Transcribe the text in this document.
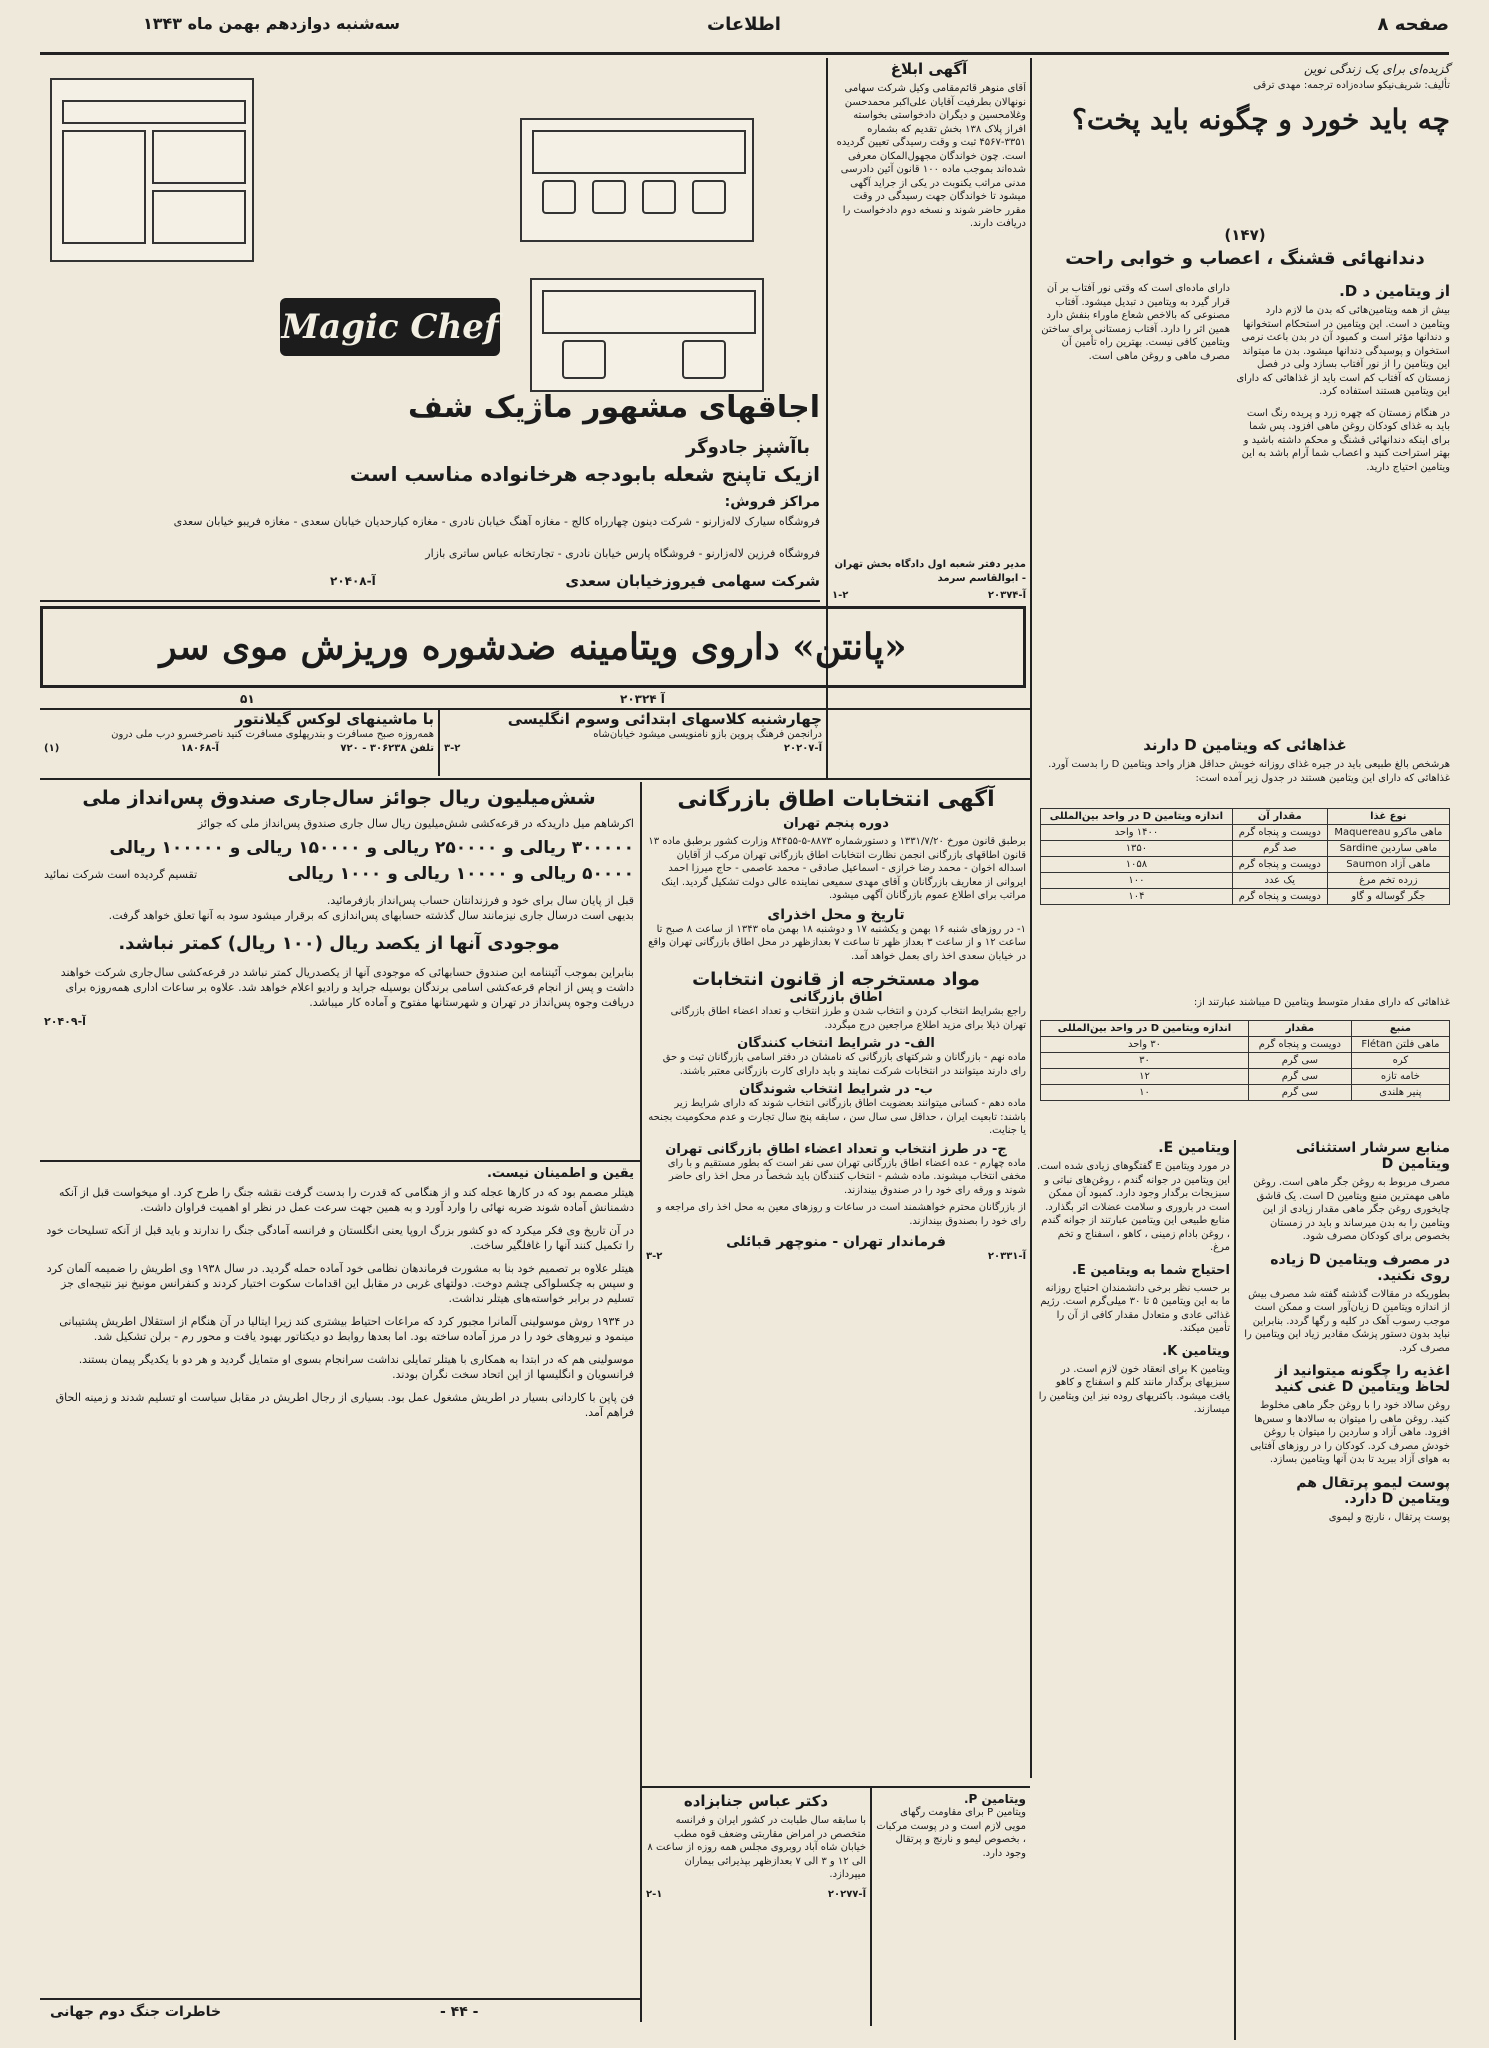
صفحه ۸
اطلاعات
سه‌شنبه دوازدهم بهمن ماه ۱۳۴۳
Magic Chef
اجاقهای مشهور ماژیک شف
باآشپز جادوگر
ازیک تاپنج شعله بابودجه هرخانواده مناسب است
مراکز فروش:
فروشگاه سیارک لاله‌زارنو - شرکت دینون چهارراه کالج - مغازه آهنگ خیابان نادری - مغازه کیارحدیان خیابان سعدی - مغازه فریبو خیابان سعدی
فروشگاه فرزین لاله‌زارنو - فروشگاه پارس خیابان نادری - تجارتخانه عباس ساتری بازار
شرکت سهامی فیروزخیابان سعدی
آ-۲۰۴۰۸
آگهی ابلاغ
آقای منوهر قائم‌مقامی وکیل شرکت سهامی نونهالان بطرفیت آقایان علی‌اکبر محمدحسن وغلامحسین و دیگران دادخواستی بخواسته افراز پلاک ۱۳۸ بخش تقدیم که بشماره ۳۳۵۱-۴۵۶۷ ثبت و وقت رسیدگی تعیین گردیده است. چون خواندگان مجهول‌المکان معرفی شده‌اند بموجب ماده ۱۰۰ قانون آئین دادرسی مدنی مراتب یکنوبت در یکی از جراید آگهی میشود تا خواندگان جهت رسیدگی در وقت مقرر حاضر شوند و نسخه دوم دادخواست را دریافت دارند.
مدیر دفتر شعبه اول دادگاه بخش تهران - ابوالقاسم سرمد
آ-۲۰۳۷۴
۱-۲
«پانتن» داروی ویتامینه ضدشوره وریزش موی سر
۵۱	آ ۲۰۳۲۴
با ماشینهای لوکس گیلانتور
همه‌روزه صبح مسافرت و بندرپهلوی مسافرت کنید ناصرخسرو درب ملی درون
تلفن ۳۰۶۲۳۸ - ۷۲۰
آ-۱۸۰۶۸
(۱)
چهارشنبه کلاسهای ابتدائی وسوم انگلیسی
درانجمن فرهنگ پروین بازو نامنویسی میشود خیابان‌شاه
آ-۲۰۲۰۷
۳-۲
شش‌میلیون ریال جوائز سال‌جاری صندوق پس‌انداز ملی
اکرشاهم میل داریدکه در قرعه‌کشی شش‌میلیون ریال سال جاری صندوق پس‌انداز ملی که جوائز
۳۰۰۰۰۰ ریالی و ۲۵۰۰۰۰ ریالی و ۱۵۰۰۰۰ ریالی و ۱۰۰۰۰۰ ریالی
۵۰۰۰۰ ریالی و ۱۰۰۰۰ ریالی و ۱۰۰۰ ریالی
تقسیم گردیده است شرکت نمائید
قبل از پایان سال برای خود و فرزندانتان حساب پس‌انداز بازفرمائید.
بدیهی است درسال جاری نیزمانند سال گذشته حسابهای پس‌اندازی که برقرار میشود سود به آنها تعلق خواهد گرفت.
موجودی آنها از یکصد ریال (۱۰۰ ریال) کمتر نباشد.
بنابراین بموجب آئیننامه این صندوق حسابهائی که موجودی آنها از یکصدریال کمتر نباشد در قرعه‌کشی سال‌جاری شرکت خواهند داشت و پس از انجام قرعه‌کشی اسامی برندگان بوسیله جراید و رادیو اعلام خواهد شد. علاوه بر ساعات اداری همه‌روزه برای دریافت وجوه پس‌انداز در تهران و شهرستانها مفتوح و آماده کار میباشد.
آ-۲۰۴۰۹
یقین و اطمینان نیست.
هیتلر مصمم بود که در کارها عجله کند و از هنگامی که قدرت را بدست گرفت نقشه جنگ را طرح کرد. او میخواست قبل از آنکه دشمنانش آماده شوند ضربه نهائی را وارد آورد و به همین جهت سرعت عمل در نظر او اهمیت فراوان داشت.
در آن تاریخ وی فکر میکرد که دو کشور بزرگ اروپا یعنی انگلستان و فرانسه آمادگی جنگ را ندارند و باید قبل از آنکه تسلیحات خود را تکمیل کنند آنها را غافلگیر ساخت.
هیتلر علاوه بر تصمیم خود بنا به مشورت فرماندهان نظامی خود آماده حمله گردید. در سال ۱۹۳۸ وی اطریش را ضمیمه آلمان کرد و سپس به چکسلواکی چشم دوخت. دولتهای غربی در مقابل این اقدامات سکوت اختیار کردند و کنفرانس مونیخ نیز نتیجه‌ای جز تسلیم در برابر خواسته‌های هیتلر نداشت.
در ۱۹۳۴ روش موسولینی آلمانرا مجبور کرد که مراعات احتیاط بیشتری کند زیرا ایتالیا در آن هنگام از استقلال اطریش پشتیبانی مینمود و نیروهای خود را در مرز آماده ساخته بود. اما بعدها روابط دو دیکتاتور بهبود یافت و محور رم - برلن تشکیل شد.
موسولینی هم که در ابتدا به همکاری با هیتلر تمایلی نداشت سرانجام بسوی او متمایل گردید و هر دو با یکدیگر پیمان بستند. فرانسویان و انگلیسها از این اتحاد سخت نگران بودند.
فن پاپن با کاردانی بسیار در اطریش مشغول عمل بود. بسیاری از رجال اطریش در مقابل سیاست او تسلیم شدند و زمینه الحاق فراهم آمد.
خاطرات جنگ دوم جهانی	- ۴۴ -
آگهی انتخابات اطاق بازرگانی
دوره پنجم تهران
برطبق قانون مورخ ۱۳۳۱/۷/۲۰ و دستورشماره ۸۸۷۳-۵-۸۴۴۵۵ وزارت کشور برطبق ماده ۱۳ قانون اطاقهای بازرگانی انجمن نظارت انتخابات اطاق بازرگانی تهران مرکب از آقایان اسداله اخوان - محمد رضا خرازی - اسماعیل صادقی - محمد عاصمی - حاج میرزا احمد ایروانی از معاریف بازرگانان و آقای مهدی سمیعی نماینده عالی دولت تشکیل گردید. اینک مراتب برای اطلاع عموم بازرگانان آگهی میشود.
تاریخ و محل اخذرای
۱- در روزهای شنبه ۱۶ بهمن و یکشنبه ۱۷ و دوشنبه ۱۸ بهمن ماه ۱۳۴۳ از ساعت ۸ صبح تا ساعت ۱۲ و از ساعت ۳ بعداز ظهر تا ساعت ۷ بعدازظهر در محل اطاق بازرگانی تهران واقع در خیابان سعدی اخذ رای بعمل خواهد آمد.
مواد مستخرجه از قانون انتخابات
اطاق بازرگانی
راجع بشرایط انتخاب کردن و انتخاب شدن و طرز انتخاب و تعداد اعضاء اطاق بازرگانی تهران ذیلا برای مزید اطلاع مراجعین درج میگردد.
الف- در شرایط انتخاب کنندگان
ماده نهم - بازرگانان و شرکتهای بازرگانی که نامشان در دفتر اسامی بازرگانان ثبت و حق رای دارند میتوانند در انتخابات شرکت نمایند و باید دارای کارت بازرگانی معتبر باشند.
ب- در شرایط انتخاب شوندگان
ماده دهم - کسانی میتوانند بعضویت اطاق بازرگانی انتخاب شوند که دارای شرایط زیر باشند: تابعیت ایران ، حداقل سی سال سن ، سابقه پنج سال تجارت و عدم محکومیت بجنحه یا جنایت.
ج- در طرز انتخاب و تعداد اعضاء اطاق بازرگانی تهران
ماده چهارم - عده اعضاء اطاق بازرگانی تهران سی نفر است که بطور مستقیم و با رای مخفی انتخاب میشوند. ماده ششم - انتخاب کنندگان باید شخصاً در محل اخذ رای حاضر شوند و ورقه رای خود را در صندوق بیندازند.
از بازرگانان محترم خواهشمند است در ساعات و روزهای معین به محل اخذ رای مراجعه و رای خود را بصندوق بیندازند.
فرماندار تهران - منوچهر قبائلی
آ-۲۰۳۳۱
۳-۲
دکتر عباس جنابزاده
با سابقه سال طبابت در کشور ایران و فرانسه متخصص در امراض مقاربتی وضعف قوه مطب خیابان شاه آباد روبروی مجلس همه روزه از ساعت ۸ الی ۱۲ و ۳ الی ۷ بعدازظهر بپذیرائی بیماران میپردازد.
آ-۲۰۲۷۷
۲-۱
ویتامین P.
ویتامین P برای مقاومت رگهای مویی لازم است و در پوست مرکبات ، بخصوص لیمو و نارنج و پرتقال وجود دارد.
گزیده‌ای برای یک زندگی نوین
تألیف: شریف‌نیکو ساده‌زاده ترجمه: مهدی ترقی
چه باید خورد و چگونه باید پخت؟
(۱۴۷)
دندانهائی قشنگ ، اعصاب و خوابی راحت
از ویتامین د D.
بیش از همه ویتامین‌هائی که بدن ما لازم دارد ویتامین د است. این ویتامین در استحکام استخوانها و دندانها مؤثر است و کمبود آن در بدن باعث نرمی استخوان و پوسیدگی دندانها میشود. بدن ما میتواند این ویتامین را از نور آفتاب بسازد ولی در فصل زمستان که آفتاب کم است باید از غذاهائی که دارای این ویتامین هستند استفاده کرد.
در هنگام زمستان که چهره زرد و پریده رنگ است باید به غذای کودکان روغن ماهی افزود. پس شما برای اینکه دندانهائی قشنگ و محکم داشته باشید و بهتر استراحت کنید و اعصاب شما آرام باشد به این ویتامین احتیاج دارید.
دارای ماده‌ای است که وقتی نور آفتاب بر آن قرار گیرد به ویتامین د تبدیل میشود. آفتاب مصنوعی که بالاخص شعاع ماوراء بنفش دارد همین اثر را دارد. آفتاب زمستانی برای ساختن ویتامین کافی نیست. بهترین راه تأمین آن مصرف ماهی و روغن ماهی است.
غذاهائی که ویتامین D دارند
هرشخص بالغ طبیعی باید در جیره غذای روزانه خویش حداقل هزار واحد ویتامین D را بدست آورد. غذاهائی که دارای این ویتامین هستند در جدول زیر آمده است:
نوع غذا	مقدار آن	اندازه ویتامین D در واحد بین‌المللی
ماهی ماکرو Maquereau	دویست و پنجاه گرم	۱۴۰۰ واحد
ماهی ساردین Sardine	صد گرم	۱۳۵۰
ماهی آزاد Saumon	دویست و پنجاه گرم	۱۰۵۸
زرده تخم مرغ	یک عدد	۱۰۰
جگر گوساله و گاو	دویست و پنجاه گرم	۱۰۴
غذاهائی که دارای مقدار متوسط ویتامین D میباشند عبارتند از:
منبع	مقدار	اندازه ویتامین D در واحد بین‌المللی
ماهی فلتن Flétan	دویست و پنجاه گرم	۳۰ واحد
کره	سی گرم	۳۰
خامه تازه	سی گرم	۱۲
پنیر هلندی	سی گرم	۱۰
منابع سرشار استثنائی ویتامین D
مصرف مربوط به روغن جگر ماهی است. روغن ماهی مهمترین منبع ویتامین D است. یک قاشق چایخوری روغن جگر ماهی مقدار زیادی از این ویتامین را به بدن میرساند و باید در زمستان بخصوص برای کودکان مصرف شود.
در مصرف ویتامین D زیاده روی نکنید.
بطوریکه در مقالات گذشته گفته شد مصرف بیش از اندازه ویتامین D زیان‌آور است و ممکن است موجب رسوب آهک در کلیه و رگها گردد. بنابراین نباید بدون دستور پزشک مقادیر زیاد این ویتامین را مصرف کرد.
اغذیه را چگونه میتوانید از لحاظ ویتامین D غنی کنید
روغن سالاد خود را با روغن جگر ماهی مخلوط کنید. روغن ماهی را میتوان به سالادها و سس‌ها افزود. ماهی آزاد و ساردین را میتوان با روغن خودش مصرف کرد. کودکان را در روزهای آفتابی به هوای آزاد ببرید تا بدن آنها ویتامین بسازد.
پوست لیمو پرتقال هم ویتامین D دارد.
پوست پرتقال ، نارنج و لیموی
ویتامین E.
در مورد ویتامین E گفتگوهای زیادی شده است. این ویتامین در جوانه گندم ، روغن‌های نباتی و سبزیجات برگدار وجود دارد. کمبود آن ممکن است در باروری و سلامت عضلات اثر بگذارد. منابع طبیعی این ویتامین عبارتند از جوانه گندم ، روغن بادام زمینی ، کاهو ، اسفناج و تخم مرغ.
احتیاج شما به ویتامین E.
بر حسب نظر برخی دانشمندان احتیاج روزانه ما به این ویتامین ۵ تا ۳۰ میلی‌گرم است. رژیم غذائی عادی و متعادل مقدار کافی از آن را تأمین میکند.
ویتامین K.
ویتامین K برای انعقاد خون لازم است. در سبزیهای برگدار مانند کلم و اسفناج و کاهو یافت میشود. باکتریهای روده نیز این ویتامین را میسازند.
